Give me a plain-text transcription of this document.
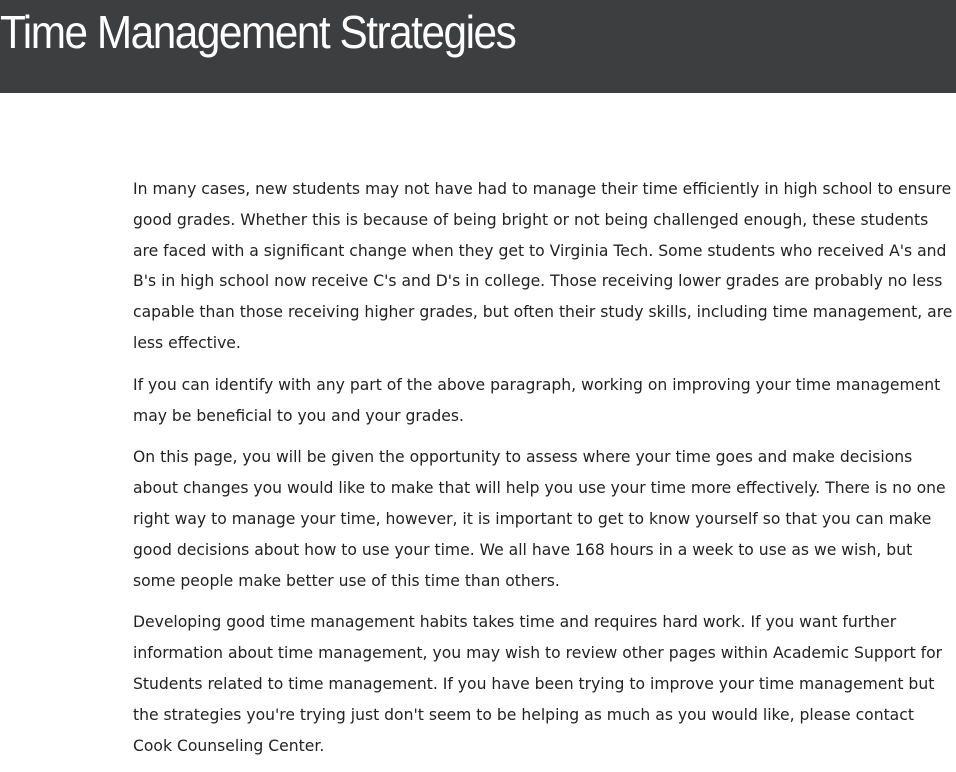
Time Management Strategies

In many cases, new students may not have had to manage their time efficiently in high school to ensure good grades. Whether this is because of being bright or not being challenged enough, these students are faced with a significant change when they get to Virginia Tech. Some students who received A's and B's in high school now receive C's and D's in college. Those receiving lower grades are probably no less capable than those receiving higher grades, but often their study skills, including time management, are less effective.

If you can identify with any part of the above paragraph, working on improving your time management may be beneficial to you and your grades.

On this page, you will be given the opportunity to assess where your time goes and make decisions about changes you would like to make that will help you use your time more effectively. There is no one right way to manage your time, however, it is important to get to know yourself so that you can make good decisions about how to use your time. We all have 168 hours in a week to use as we wish, but some people make better use of this time than others.

Developing good time management habits takes time and requires hard work. If you want further information about time management, you may wish to review other pages within Academic Support for Students related to time management. If you have been trying to improve your time management but the strategies you're trying just don't seem to be helping as much as you would like, please contact Cook Counseling Center.
